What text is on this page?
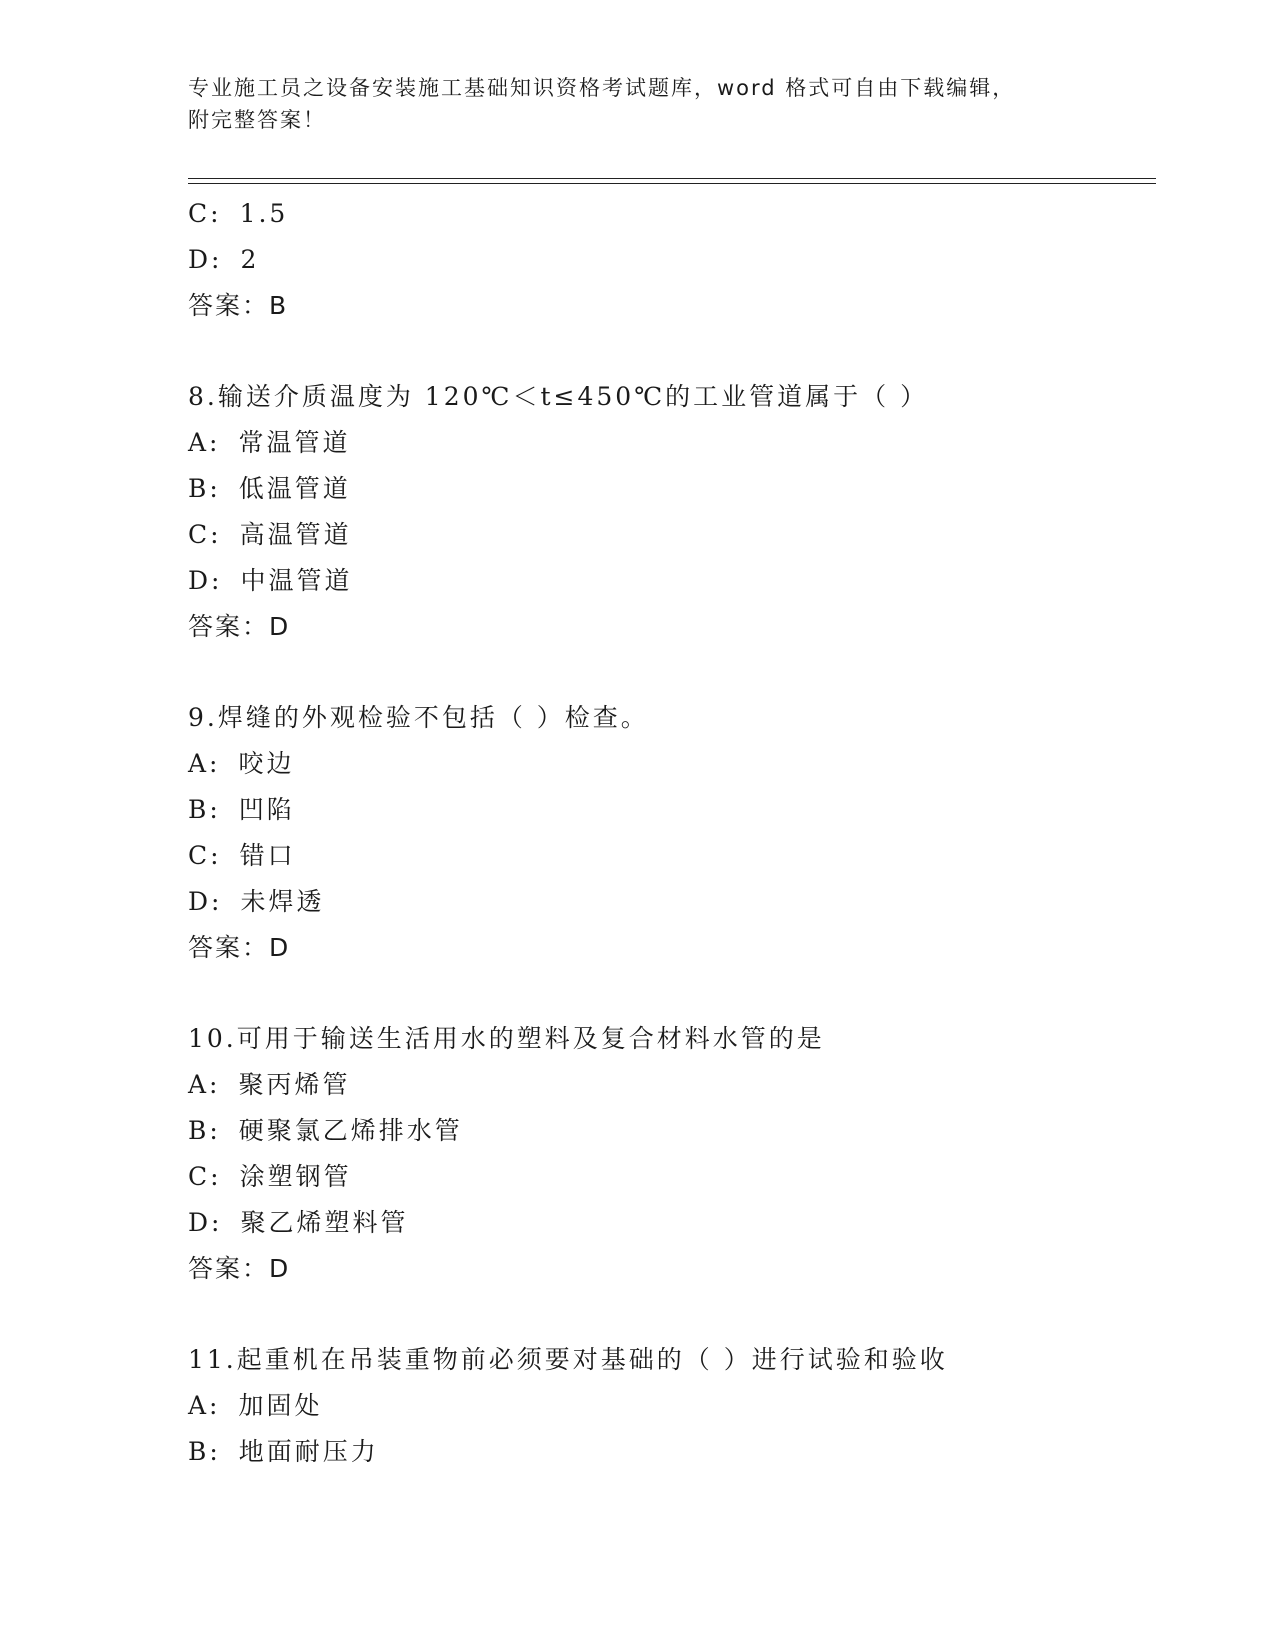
专业施工员之设备安装施工基础知识资格考试题库，word 格式可自由下载编辑，
附完整答案！
C: 1.5
D: 2
答案：B
8.输送介质温度为 120℃＜t≤450℃的工业管道属于（ ）
A: 常温管道
B: 低温管道
C: 高温管道
D: 中温管道
答案：D
9.焊缝的外观检验不包括（ ）检查。
A: 咬边
B: 凹陷
C: 错口
D: 未焊透
答案：D
10.可用于输送生活用水的塑料及复合材料水管的是
A: 聚丙烯管
B: 硬聚氯乙烯排水管
C: 涂塑钢管
D: 聚乙烯塑料管
答案：D
11.起重机在吊装重物前必须要对基础的（ ）进行试验和验收
A: 加固处
B: 地面耐压力
